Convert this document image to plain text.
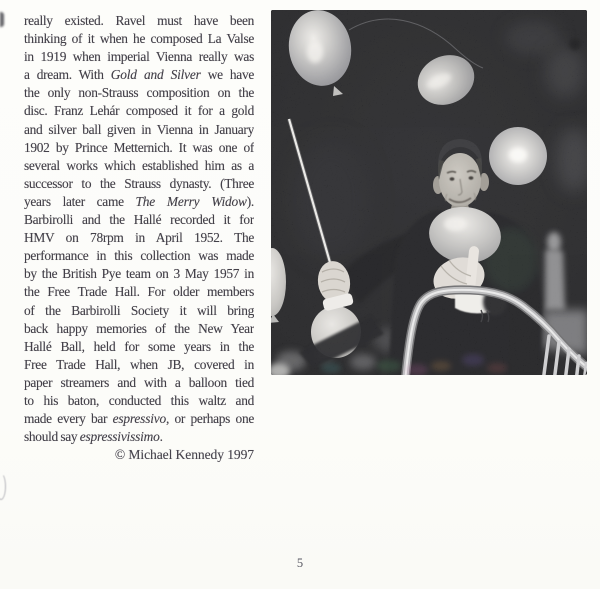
really existed. Ravel must have been
thinking of it when he composed La Valse
in 1919 when imperial Vienna really was
a dream. With Gold and Silver we have
the only non-Strauss composition on the
disc. Franz Lehár composed it for a gold
and silver ball given in Vienna in January
1902 by Prince Metternich. It was one of
several works which established him as a
successor to the Strauss dynasty. (Three
years later came The Merry Widow).
Barbirolli and the Hallé recorded it for
HMV on 78rpm in April 1952. The
performance in this collection was made
by the British Pye team on 3 May 1957 in
the Free Trade Hall. For older members
of the Barbirolli Society it will bring
back happy memories of the New Year
Hallé Ball, held for some years in the
Free Trade Hall, when JB, covered in
paper streamers and with a balloon tied
to his baton, conducted this waltz and
made every bar espressivo, or perhaps one
should say espressivissimo.
© Michael Kennedy 1997
5
